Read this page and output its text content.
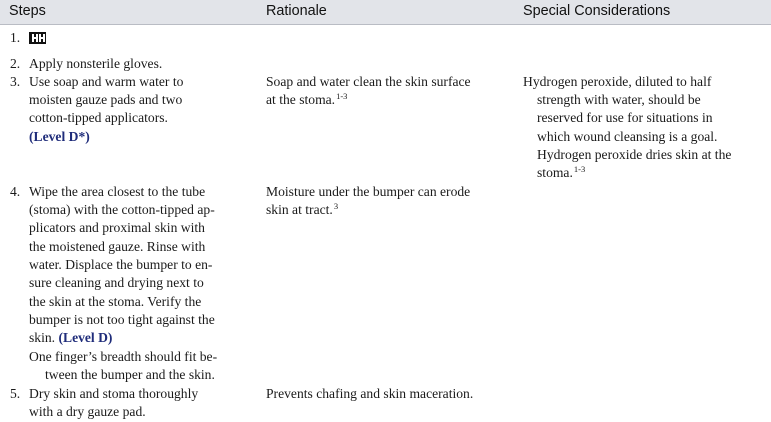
Steps	Rationale	Special Considerations
1.
2. Apply nonsterile gloves.
3. Use soap and warm water to
moisten gauze pads and two
cotton-tipped applicators.
(Level D*)
Soap and water clean the skin surface
at the stoma.$^{1-3}$
Hydrogen peroxide, diluted to half
strength with water, should be
reserved for use for situations in
which wound cleansing is a goal.
Hydrogen peroxide dries skin at the
stoma.$^{1-3}$
4. Wipe the area closest to the tube
(stoma) with the cotton-tipped ap-
plicators and proximal skin with
the moistened gauze. Rinse with
water. Displace the bumper to en-
sure cleaning and drying next to
the skin at the stoma. Verify the
bumper is not too tight against the
skin. (Level D)
One finger’s breadth should fit be-
tween the bumper and the skin.
Moisture under the bumper can erode
skin at tract.$^3$
5. Dry skin and stoma thoroughly
with a dry gauze pad.
Prevents chafing and skin maceration.
